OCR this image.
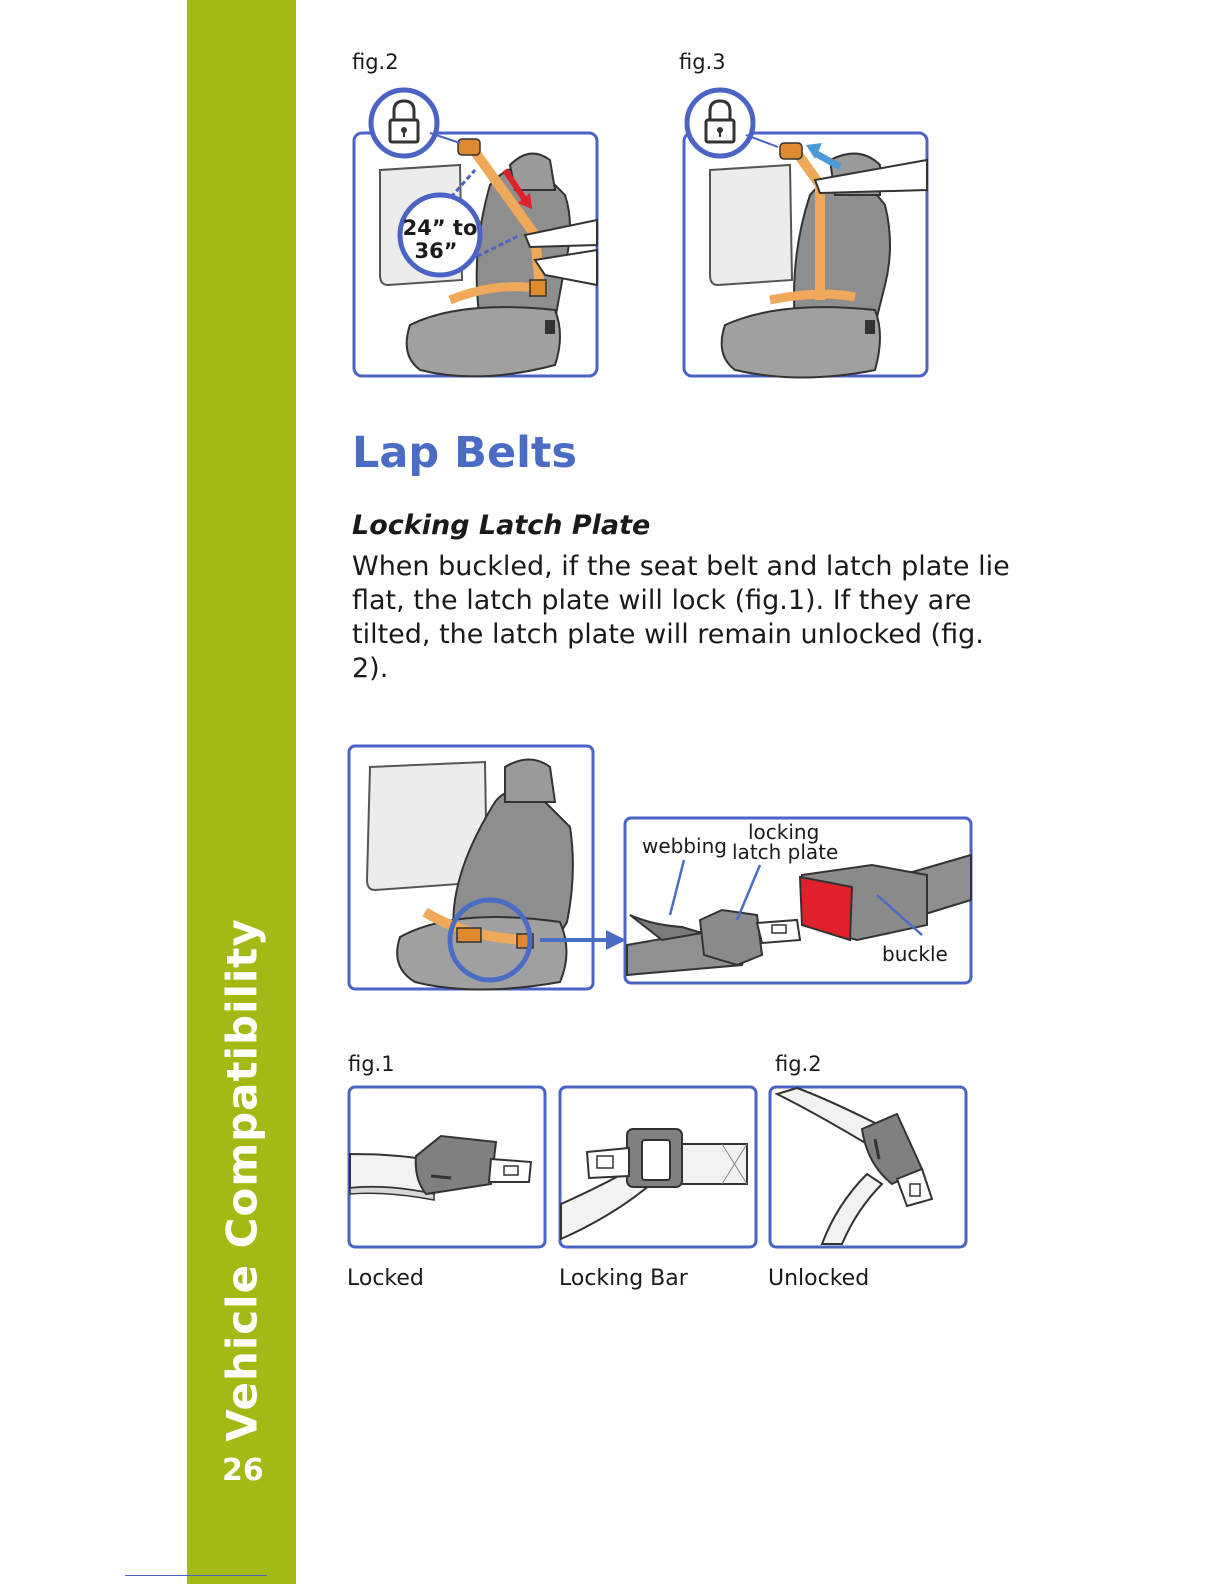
Vehicle Compatibility
26
fig.2	fig.3
24” to
36”
Lap Belts
Locking Latch Plate

When buckled, if the seat belt and latch plate lie flat, the latch plate will lock (fig.1). If they are tilted, the latch plate will remain unlocked (fig. 2).

webbing
locking
latch plate
buckle
fig.1	fig.2
Locked	Locking Bar	Unlocked
